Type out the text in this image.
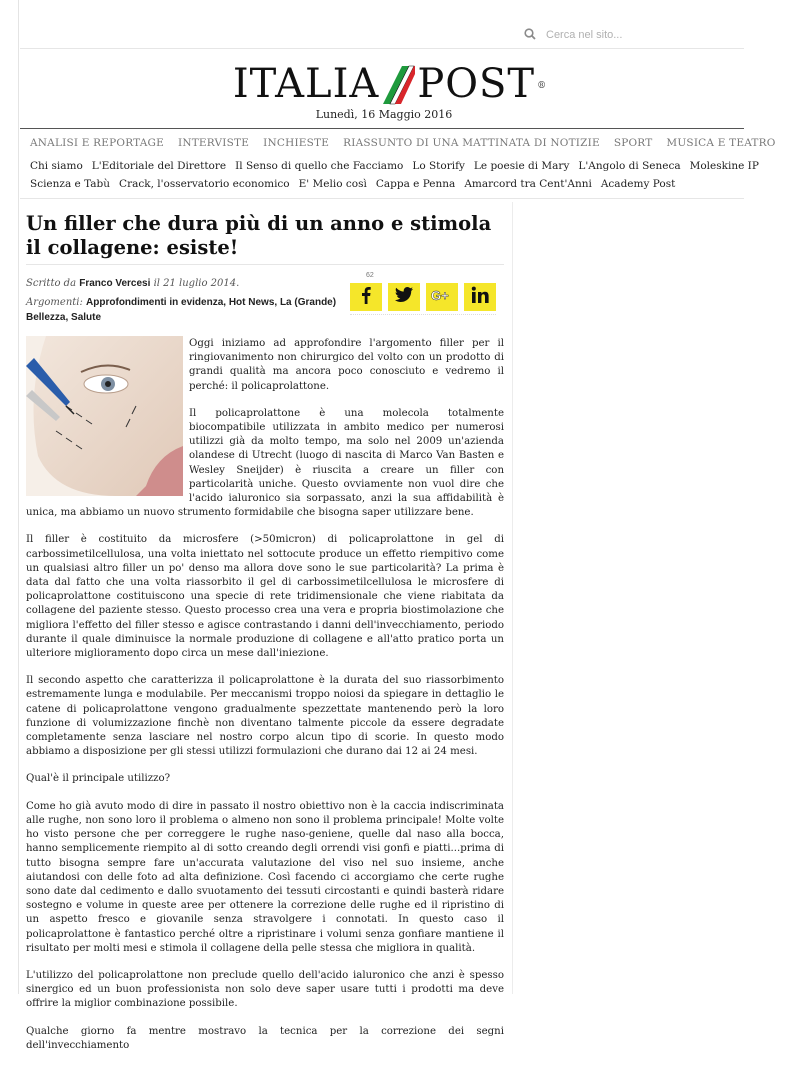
Cerca nel sito...
ITALIA POST ®
Lunedì, 16 Maggio 2016
ANALISI E REPORTAGE INTERVISTE INCHIESTE RIASSUNTO DI UNA MATTINATA DI NOTIZIE SPORT MUSICA E TEATRO
Chi siamo L'Editoriale del Direttore Il Senso di quello che Facciamo Lo Storify Le poesie di Mary L'Angolo di Seneca Moleskine IP
Scienza e Tabù Crack, l'osservatorio economico E' Melio così Cappa e Penna Amarcord tra Cent'Anni Academy Post
Un filler che dura più di un anno e stimola il collagene: esiste!
Scritto da Franco Vercesi il 21 luglio 2014.
Argomenti: Approfondimenti in evidenza, Hot News, La (Grande) Bellezza, Salute
62
G+

Oggi iniziamo ad approfondire l'argomento filler per il ringiovanimento non chirurgico del volto con un prodotto di grandi qualità ma ancora poco conosciuto e vedremo il perché: il policaprolattone.

Il policaprolattone è una molecola totalmente biocompatibile utilizzata in ambito medico per numerosi utilizzi già da molto tempo, ma solo nel 2009 un'azienda olandese di Utrecht (luogo di nascita di Marco Van Basten e Wesley Sneijder) è riuscita a creare un filler con particolarità uniche. Questo ovviamente non vuol dire che l'acido ialuronico sia sorpassato, anzi la sua affidabilità è unica, ma abbiamo un nuovo strumento formidabile che bisogna saper utilizzare bene.

Il filler è costituito da microsfere (>50micron) di policaprolattone in gel di carbossimetilcellulosa, una volta iniettato nel sottocute produce un effetto riempitivo come un qualsiasi altro filler un po' denso ma allora dove sono le sue particolarità? La prima è data dal fatto che una volta riassorbito il gel di carbossimetilcellulosa le microsfere di policaprolattone costituiscono una specie di rete tridimensionale che viene riabitata da collagene del paziente stesso. Questo processo crea una vera e propria biostimolazione che migliora l'effetto del filler stesso e agisce contrastando i danni dell'invecchiamento, periodo durante il quale diminuisce la normale produzione di collagene e all'atto pratico porta un ulteriore miglioramento dopo circa un mese dall'iniezione.

Il secondo aspetto che caratterizza il policaprolattone è la durata del suo riassorbimento estremamente lunga e modulabile. Per meccanismi troppo noiosi da spiegare in dettaglio le catene di policaprolattone vengono gradualmente spezzettate mantenendo però la loro funzione di volumizzazione finchè non diventano talmente piccole da essere degradate completamente senza lasciare nel nostro corpo alcun tipo di scorie. In questo modo abbiamo a disposizione per gli stessi utilizzi formulazioni che durano dai 12 ai 24 mesi.

Qual'è il principale utilizzo?

Come ho già avuto modo di dire in passato il nostro obiettivo non è la caccia indiscriminata alle rughe, non sono loro il problema o almeno non sono il problema principale! Molte volte ho visto persone che per correggere le rughe naso-geniene, quelle dal naso alla bocca, hanno semplicemente riempito al di sotto creando degli orrendi visi gonfi e piatti...prima di tutto bisogna sempre fare un'accurata valutazione del viso nel suo insieme, anche aiutandosi con delle foto ad alta definizione. Così facendo ci accorgiamo che certe rughe sono date dal cedimento e dallo svuotamento dei tessuti circostanti e quindi basterà ridare sostegno e volume in queste aree per ottenere la correzione delle rughe ed il ripristino di un aspetto fresco e giovanile senza stravolgere i connotati. In questo caso il policaprolattone è fantastico perché oltre a ripristinare i volumi senza gonfiare mantiene il risultato per molti mesi e stimola il collagene della pelle stessa che migliora in qualità.

L'utilizzo del policaprolattone non preclude quello dell'acido ialuronico che anzi è spesso sinergico ed un buon professionista non solo deve saper usare tutti i prodotti ma deve offrire la miglior combinazione possibile.

Qualche giorno fa mentre mostravo la tecnica per la correzione dei segni dell'invecchiamento
